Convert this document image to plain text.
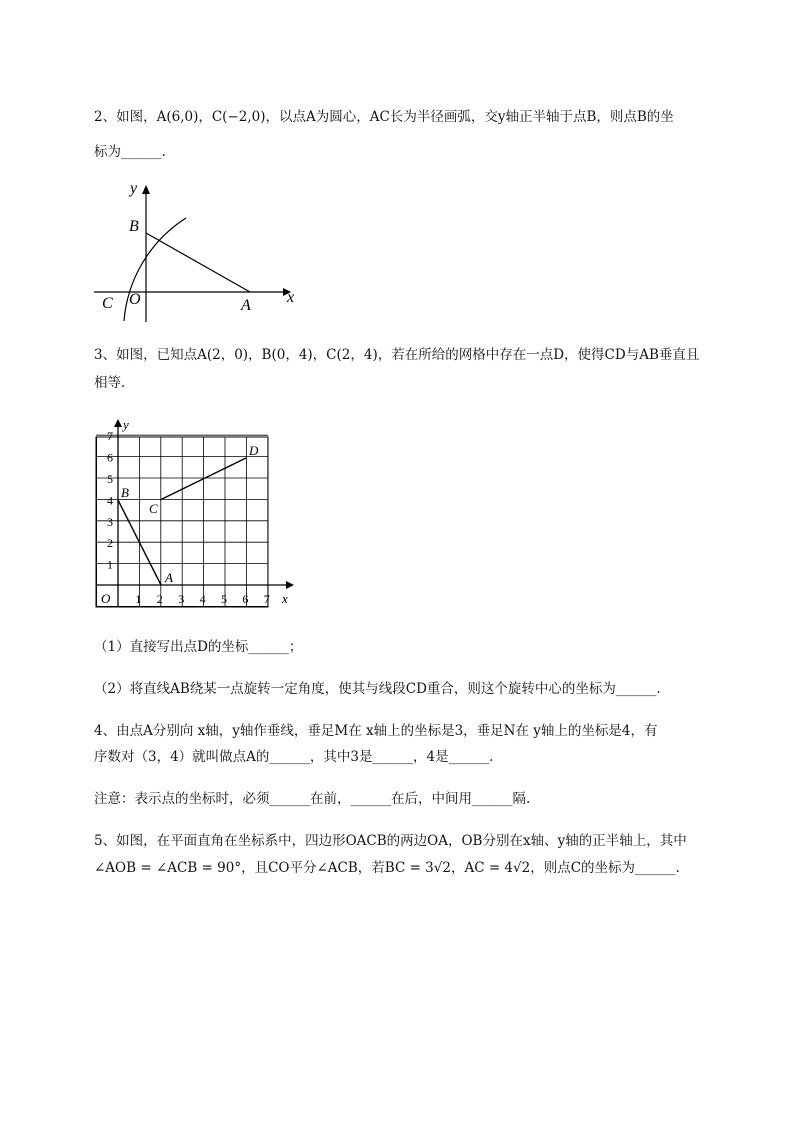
2、如图，A(6,0)，C(−2,0)，以点A为圆心，AC长为半径画弧，交y轴正半轴于点B，则点B的坐
标为______.
y
x
B
C O	A
3、如图，已知点A(2，0)，B(0，4)，C(2，4)，若在所给的网格中存在一点D，使得CD与AB垂直且
相等．
1
2
3
4
5
6
7
1 2 3 4 5 6 7
y
x
O
A
B
C
D
（1）直接写出点D的坐标______；
（2）将直线AB绕某一点旋转一定角度，使其与线段CD重合，则这个旋转中心的坐标为______.
4、由点A分别向 x轴，y轴作垂线，垂足M在 x轴上的坐标是3，垂足N在 y轴上的坐标是4，有
序数对（3，4）就叫做点A的______，其中3是______，4是______.
注意：表示点的坐标时，必须______在前，______在后，中间用______隔.
5、如图，在平面直角在坐标系中，四边形OACB的两边OA，OB分别在x轴、y轴的正半轴上，其中
∠AOB = ∠ACB = 90°，且CO平分∠ACB，若BC = 3√2，AC = 4√2，则点C的坐标为______.
